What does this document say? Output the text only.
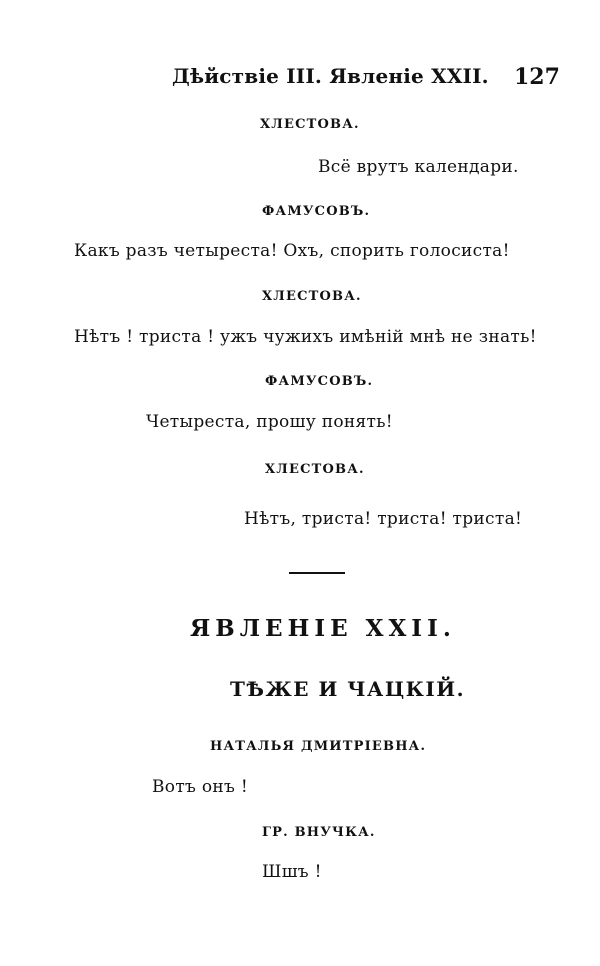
Дѣйствіе III. Явленіе XXII. 127
ХЛЕСТОВА.
Всё врутъ календари.
ФАМУСОВЪ.
Какъ разъ четыреста! Охъ, спорить голосиста!
ХЛЕСТОВА.
Нѣтъ ! триста ! ужъ чужихъ имѣній мнѣ не знать!
ФАМУСОВЪ.
Четыреста, прошу понять!
ХЛЕСТОВА.
Нѣтъ, триста! триста! триста!
ЯВЛЕНІЕ XXII.
ТѢЖЕ И ЧАЦКІЙ.
НАТАЛЬЯ ДМИТРІЕВНА.
Вотъ онъ !
ГР. ВНУЧКА.
Шшъ !
